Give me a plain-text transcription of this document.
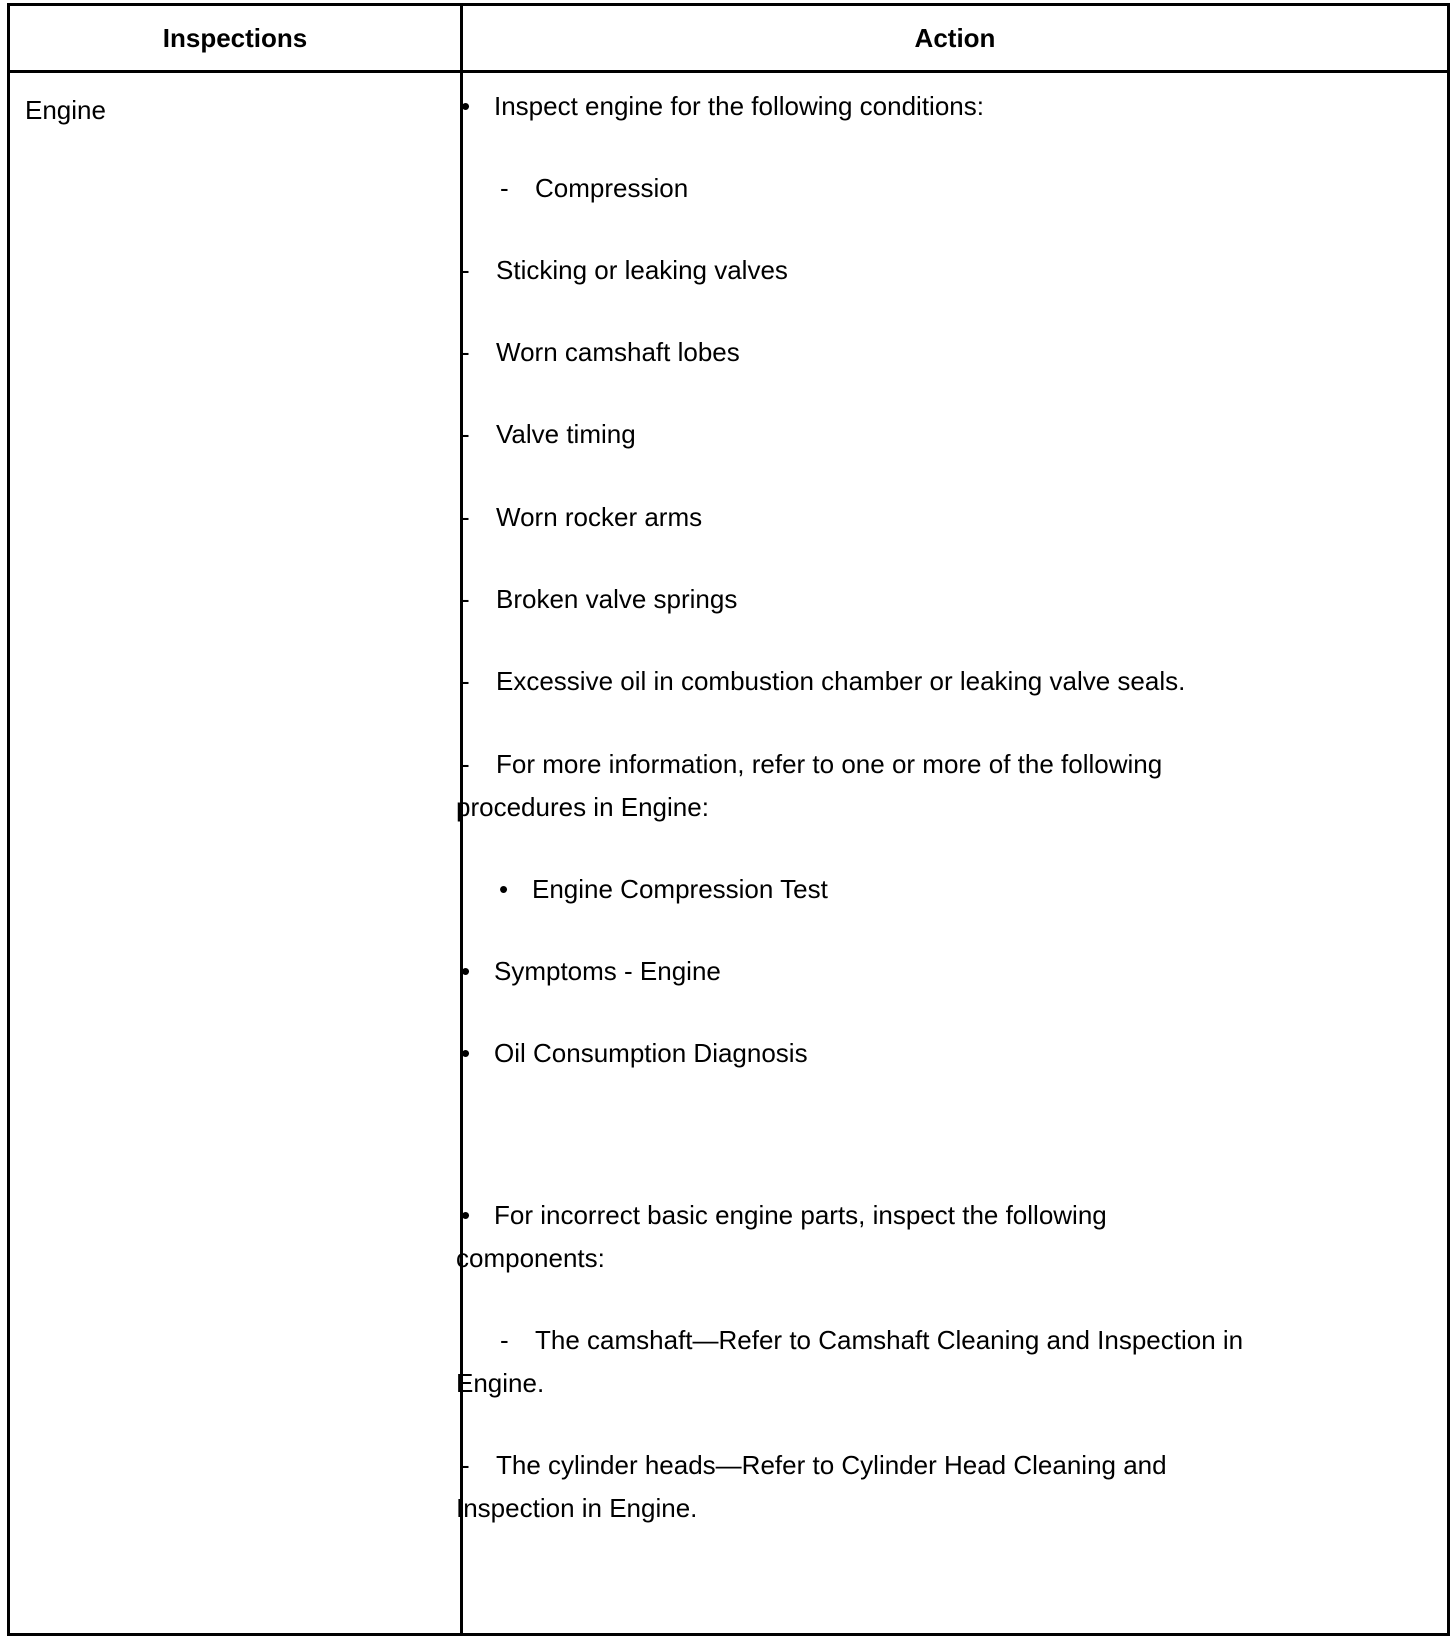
Inspections	Action
Engine	• Inspect engine for the following conditions:
- Compression
- Sticking or leaking valves
- Worn camshaft lobes
- Valve timing
- Worn rocker arms
- Broken valve springs
- Excessive oil in combustion chamber or leaking valve seals.
- For more information, refer to one or more of the following
procedures in Engine:
• Engine Compression Test
• Symptoms - Engine
• Oil Consumption Diagnosis
• For incorrect basic engine parts, inspect the following
components:
- The camshaft—Refer to Camshaft Cleaning and Inspection in
Engine.
- The cylinder heads—Refer to Cylinder Head Cleaning and
Inspection in Engine.
